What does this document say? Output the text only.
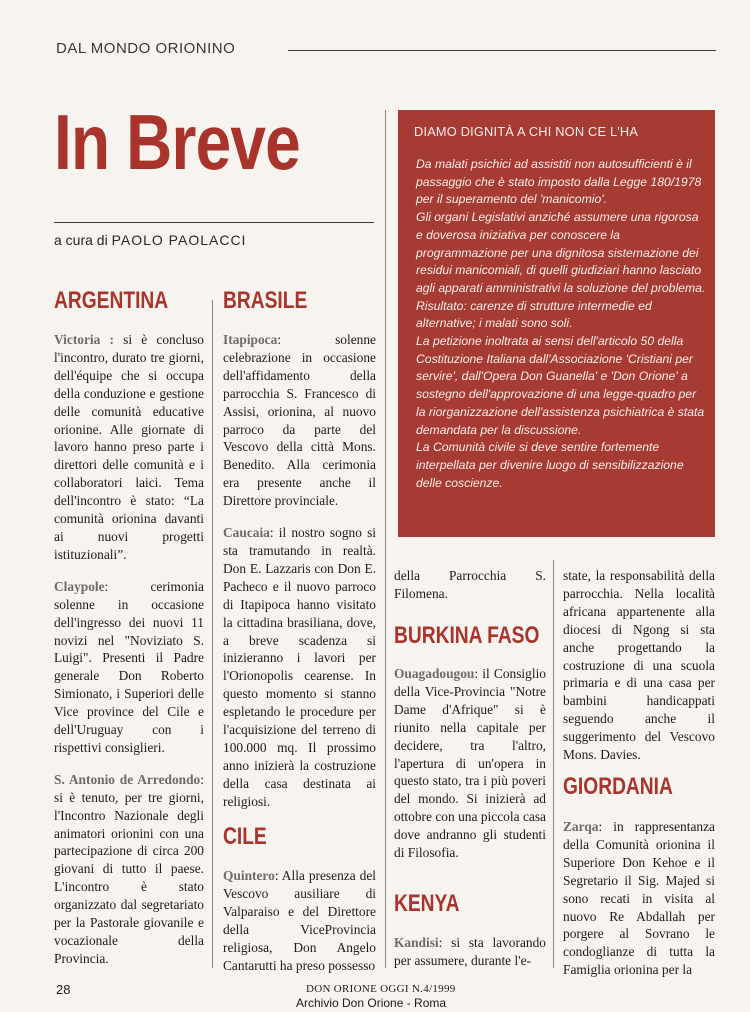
DAL MONDO ORIONINO
In Breve
a cura di PAOLO PAOLACCI
ARGENTINA

Victoria : si è concluso l'incontro, durato tre giorni, dell'équipe che si occupa della conduzione e gestione delle comunità educative orionine. Alle giornate di lavoro hanno preso parte i direttori delle comunità e i collaboratori laici. Tema dell'incontro è stato: “La comunità orionina davanti ai nuovi progetti istituzionali”.

Claypole: cerimonia solenne in occasione dell'ingresso dei nuovi 11 novizi nel "Noviziato S. Luigi". Presenti il Padre generale Don Roberto Simionato, i Superiori delle Vice province del Cile e dell'Uruguay con i rispettivi consiglieri.

S. Antonio de Arredondo: si è tenuto, per tre giorni, l'Incontro Nazionale degli animatori orionini con una partecipazione di circa 200 giovani di tutto il paese. L'incontro è stato organizzato dal segretariato per la Pastorale giovanile e vocazionale della Provincia.

BRASILE

Itapipoca: solenne celebrazione in occasione dell'affidamento della parrocchia S. Francesco di Assisi, orionina, al nuovo parroco da parte del Vescovo della città Mons. Benedito. Alla cerimonia era presente anche il Direttore provinciale.

Caucaia: il nostro sogno si sta tramutando in realtà. Don E. Lazzaris con Don E. Pacheco e il nuovo parroco di Itapipoca hanno visitato la cittadina brasiliana, dove, a breve scadenza si inizieranno i lavori per l'Orionopolis cearense. In questo momento si stanno espletando le procedure per l'acquisizione del terreno di 100.000 mq. Il prossimo anno inizierà la costruzione della casa destinata ai religiosi.

CILE

Quintero: Alla presenza del Vescovo ausiliare di Valparaiso e del Direttore della ViceProvincia religiosa, Don Angelo Cantarutti ha preso possesso

DIAMO DIGNITÀ A CHI NON CE L'HA

Da malati psichici ad assistiti non autosufficienti è il passaggio che è stato imposto dalla Legge 180/1978 per il superamento del 'manicomio'.

Gli organi Legislativi anziché assumere una rigorosa e doverosa iniziativa per conoscere la programmazione per una dignitosa sistemazione dei residui manicomiali, di quelli giudiziari hanno lasciato agli apparati amministrativi la soluzione del problema.

Risultato: carenze di strutture intermedie ed alternative; i malati sono soli.

La petizione inoltrata ai sensi dell'articolo 50 della Costituzione Italiana dall'Associazione 'Cristiani per servire', dall'Opera Don Guanella' e 'Don Orione' a sostegno dell'approvazione di una legge-quadro per la riorganizzazione dell'assistenza psichiatrica è stata demandata per la discussione.

La Comunità civile si deve sentire fortemente interpellata per divenire luogo di sensibilizzazione delle coscienze.

della Parrocchia S. Filomena.

BURKINA FASO

Ouagadougou: il Consiglio della Vice-Provincia "Notre Dame d'Afrique" si è riunito nella capitale per decidere, tra l'altro, l'apertura di un'opera in questo stato, tra i più poveri del mondo. Si inizierà ad ottobre con una piccola casa dove andranno gli studenti di Filosofia.

KENYA

Kandisi: si sta lavorando per assumere, durante l'e-

state, la responsabilità della parrocchia. Nella località africana appartenente alla diocesi di Ngong si sta anche progettando la costruzione di una scuola primaria e di una casa per bambini handicappati seguendo anche il suggerimento del Vescovo Mons. Davies.

GIORDANIA

Zarqa: in rappresentanza della Comunità orionina il Superiore Don Kehoe e il Segretario il Sig. Majed si sono recati in visita al nuovo Re Abdallah per porgere al Sovrano le condoglianze di tutta la Famiglia orionina per la

28	DON ORIONE OGGI N.4/1999
Archivio Don Orione - Roma
